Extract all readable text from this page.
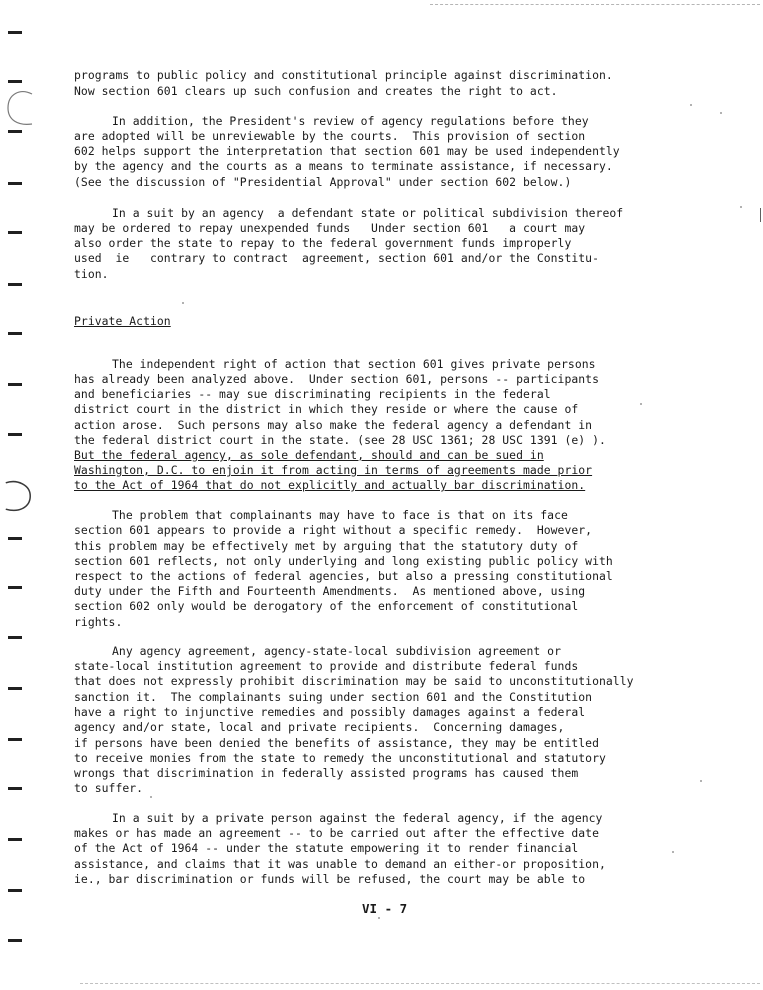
programs to public policy and constitutional principle against discrimination.
Now section 601 clears up such confusion and creates the right to act.
In addition, the President's review of agency regulations before they
are adopted will be unreviewable by the courts.  This provision of section
602 helps support the interpretation that section 601 may be used independently
by the agency and the courts as a means to terminate assistance, if necessary.
(See the discussion of "Presidential Approval" under section 602 below.)
In a suit by an agency  a defendant state or political subdivision thereof
may be ordered to repay unexpended funds   Under section 601   a court may
also order the state to repay to the federal government funds improperly
used  ie   contrary to contract  agreement, section 601 and/or the Constitu-
tion.
Private Action
The independent right of action that section 601 gives private persons
has already been analyzed above.  Under section 601, persons -- participants
and beneficiaries -- may sue discriminating recipients in the federal
district court in the district in which they reside or where the cause of
action arose.  Such persons may also make the federal agency a defendant in
the federal district court in the state. (see 28 USC 1361; 28 USC 1391 (e) ).
But the federal agency, as sole defendant, should and can be sued in
Washington, D.C. to enjoin it from acting in terms of agreements made prior
to the Act of 1964 that do not explicitly and actually bar discrimination.
The problem that complainants may have to face is that on its face
section 601 appears to provide a right without a specific remedy.  However,
this problem may be effectively met by arguing that the statutory duty of
section 601 reflects, not only underlying and long existing public policy with
respect to the actions of federal agencies, but also a pressing constitutional
duty under the Fifth and Fourteenth Amendments.  As mentioned above, using
section 602 only would be derogatory of the enforcement of constitutional
rights.
Any agency agreement, agency-state-local subdivision agreement or
state-local institution agreement to provide and distribute federal funds
that does not expressly prohibit discrimination may be said to unconstitutionally
sanction it.  The complainants suing under section 601 and the Constitution
have a right to injunctive remedies and possibly damages against a federal
agency and/or state, local and private recipients.  Concerning damages,
if persons have been denied the benefits of assistance, they may be entitled
to receive monies from the state to remedy the unconstitutional and statutory
wrongs that discrimination in federally assisted programs has caused them
to suffer.
In a suit by a private person against the federal agency, if the agency
makes or has made an agreement -- to be carried out after the effective date
of the Act of 1964 -- under the statute empowering it to render financial
assistance, and claims that it was unable to demand an either-or proposition,
ie., bar discrimination or funds will be refused, the court may be able to
VI - 7
